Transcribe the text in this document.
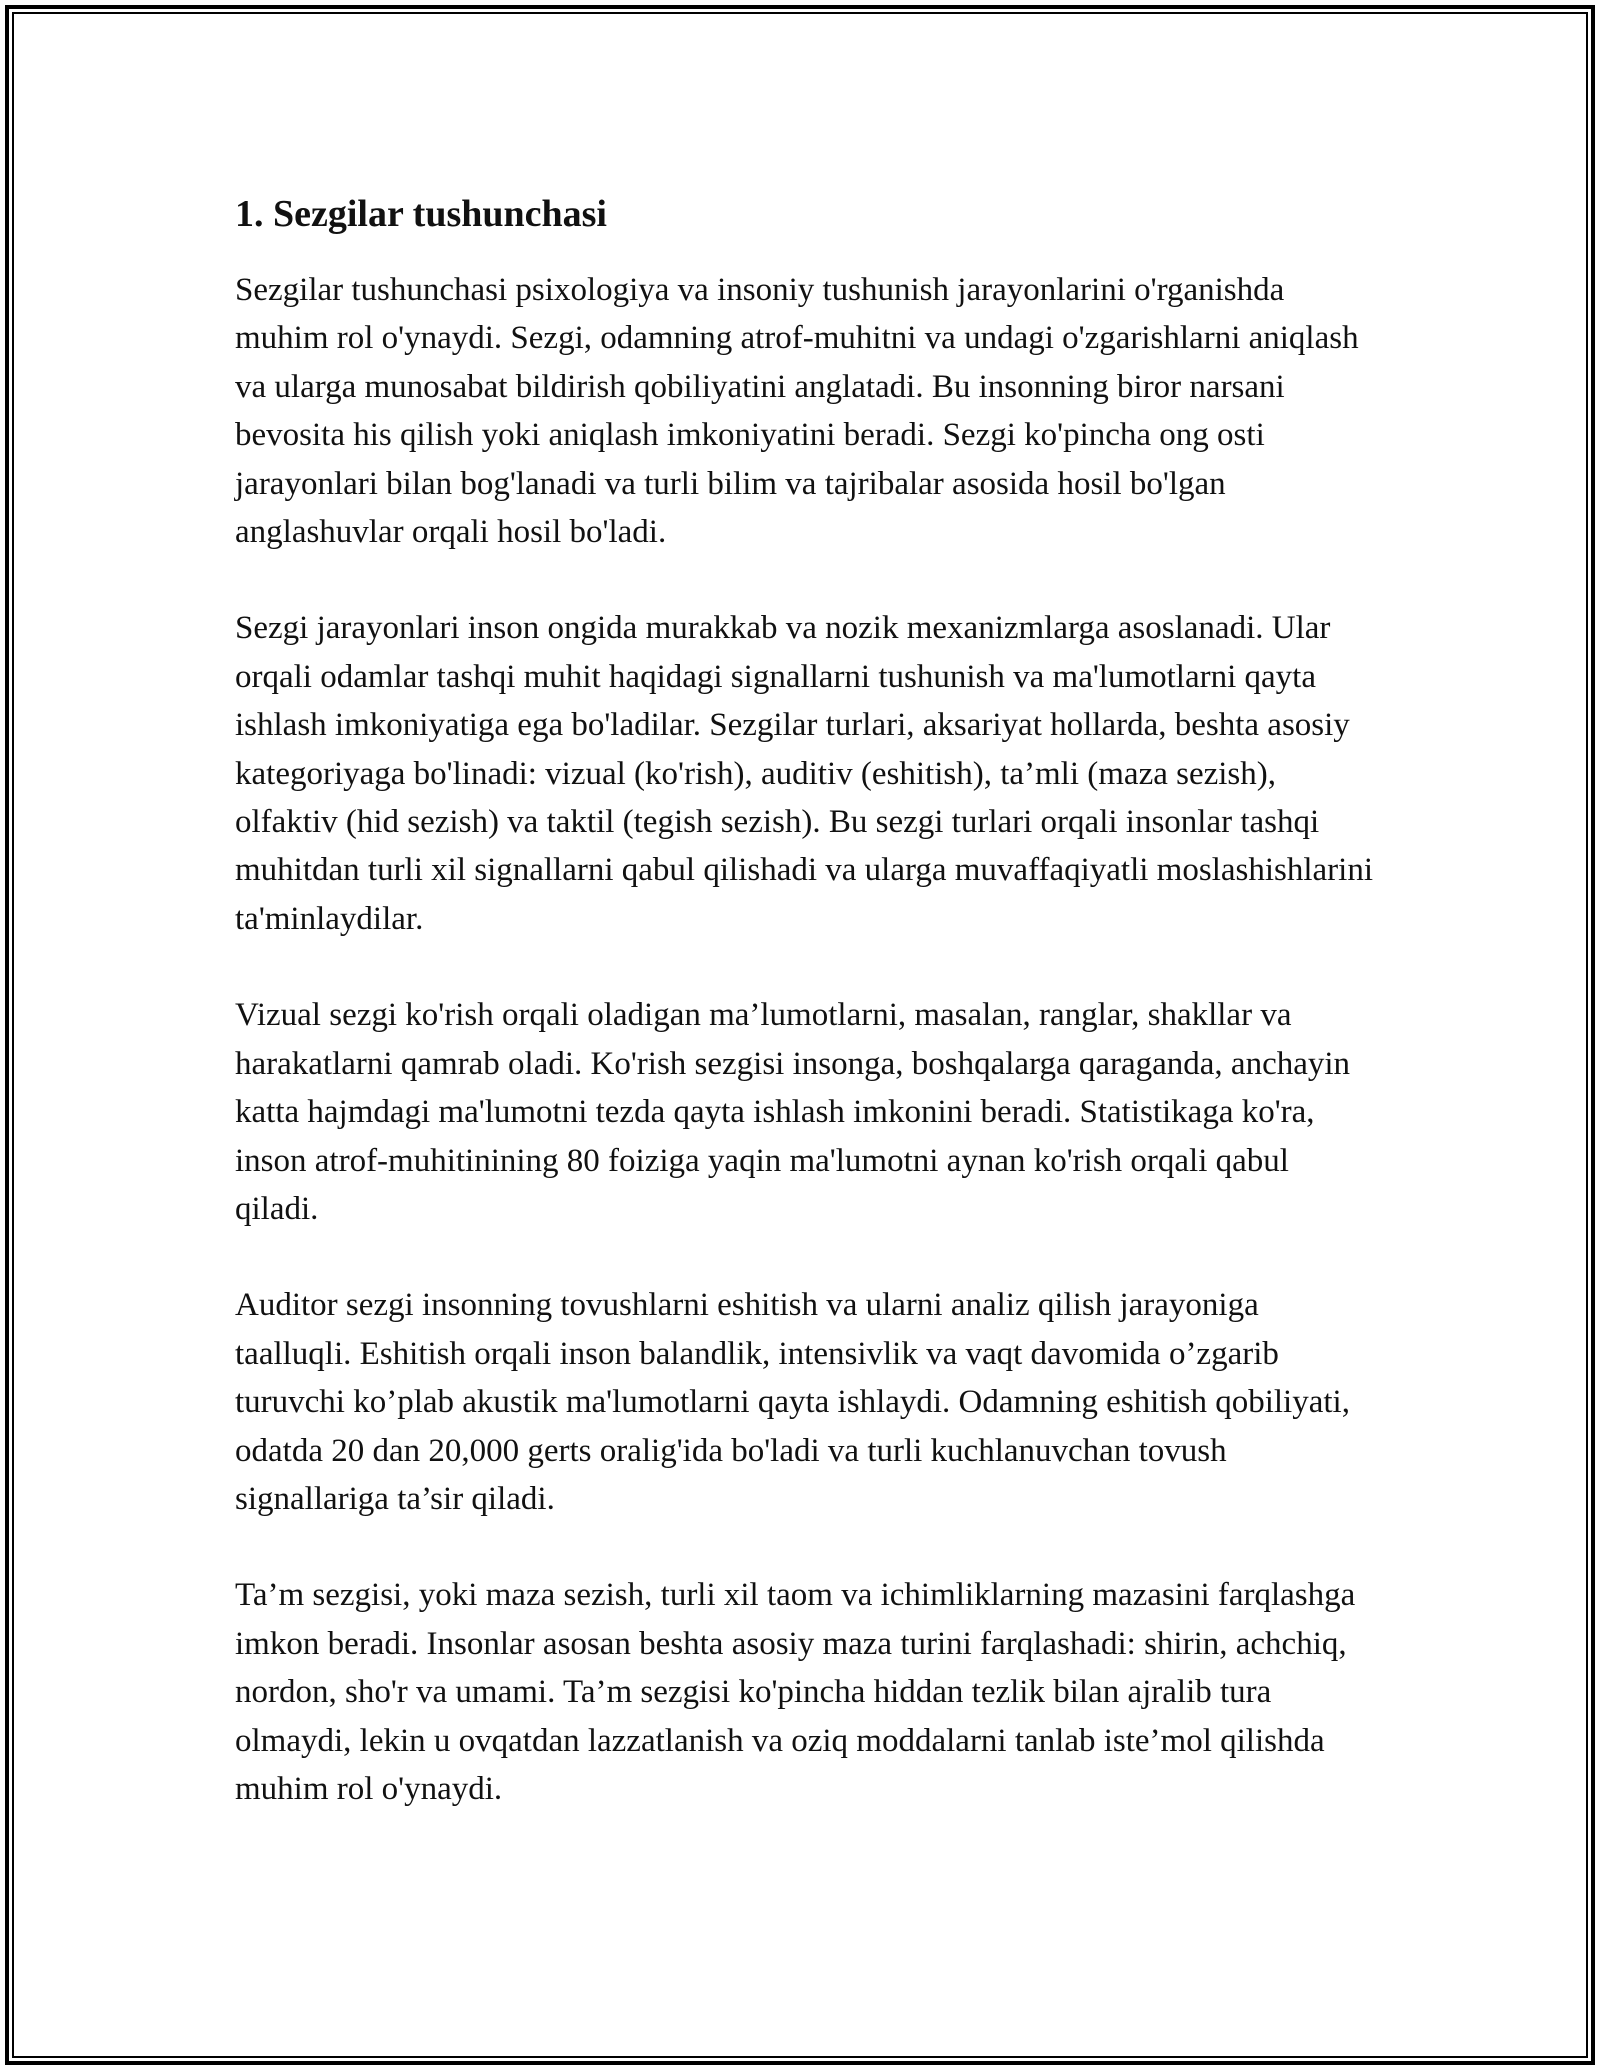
1. Sezgilar tushunchasi

Sezgilar tushunchasi psixologiya va insoniy tushunish jarayonlarini o'rganishda muhim rol o'ynaydi. Sezgi, odamning atrof-muhitni va undagi o'zgarishlarni aniqlash va ularga munosabat bildirish qobiliyatini anglatadi. Bu insonning biror narsani bevosita his qilish yoki aniqlash imkoniyatini beradi. Sezgi ko'pincha ong osti jarayonlari bilan bog'lanadi va turli bilim va tajribalar asosida hosil bo'lgan anglashuvlar orqali hosil bo'ladi.

Sezgi jarayonlari inson ongida murakkab va nozik mexanizmlarga asoslanadi. Ular orqali odamlar tashqi muhit haqidagi signallarni tushunish va ma'lumotlarni qayta ishlash imkoniyatiga ega bo'ladilar. Sezgilar turlari, aksariyat hollarda, beshta asosiy kategoriyaga bo'linadi: vizual (ko'rish), auditiv (eshitish), ta’mli (maza sezish), olfaktiv (hid sezish) va taktil (tegish sezish). Bu sezgi turlari orqali insonlar tashqi muhitdan turli xil signallarni qabul qilishadi va ularga muvaffaqiyatli moslashishlarini ta'minlaydilar.

Vizual sezgi ko'rish orqali oladigan ma’lumotlarni, masalan, ranglar, shakllar va harakatlarni qamrab oladi. Ko'rish sezgisi insonga, boshqalarga qaraganda, anchayin katta hajmdagi ma'lumotni tezda qayta ishlash imkonini beradi. Statistikaga ko'ra, inson atrof-muhitinining 80 foiziga yaqin ma'lumotni aynan ko'rish orqali qabul qiladi.

Auditor sezgi insonning tovushlarni eshitish va ularni analiz qilish jarayoniga taalluqli. Eshitish orqali inson balandlik, intensivlik va vaqt davomida o’zgarib turuvchi ko’plab akustik ma'lumotlarni qayta ishlaydi. Odamning eshitish qobiliyati, odatda 20 dan 20,000 gerts oralig'ida bo'ladi va turli kuchlanuvchan tovush signallariga ta’sir qiladi.

Ta’m sezgisi, yoki maza sezish, turli xil taom va ichimliklarning mazasini farqlashga imkon beradi. Insonlar asosan beshta asosiy maza turini farqlashadi: shirin, achchiq, nordon, sho'r va umami. Ta’m sezgisi ko'pincha hiddan tezlik bilan ajralib tura olmaydi, lekin u ovqatdan lazzatlanish va oziq moddalarni tanlab iste’mol qilishda muhim rol o'ynaydi.
